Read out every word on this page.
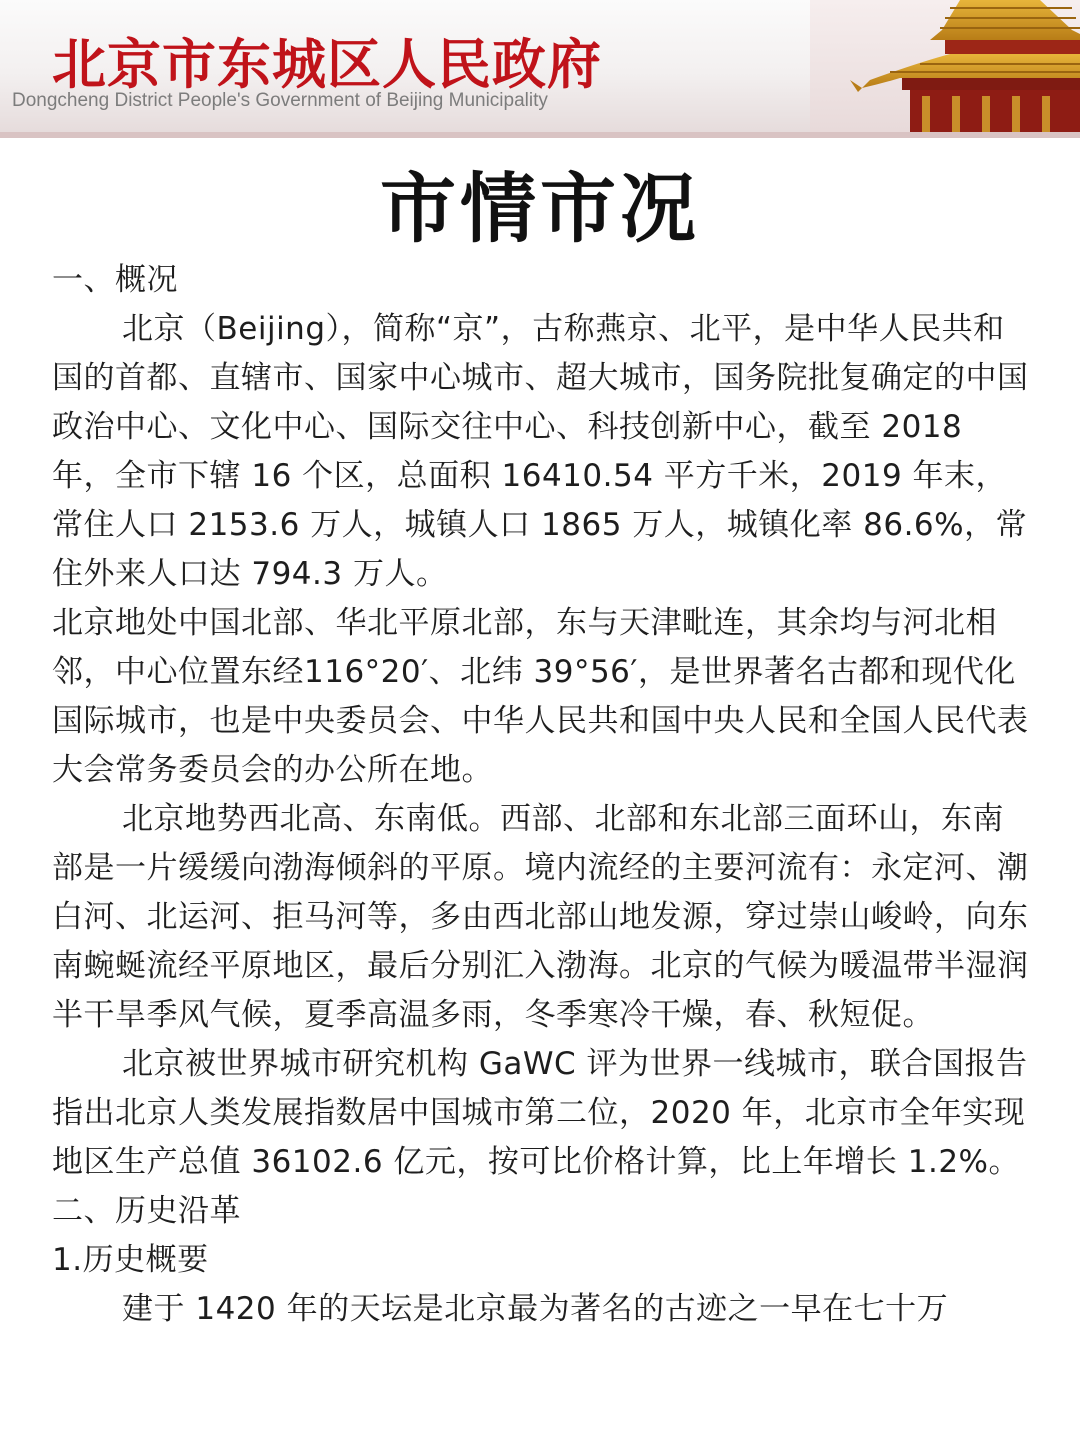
北京市东城区人民政府
Dongcheng District People's Government of Beijing Municipality
市情市况

一、概况

北京（Beijing），简称“京”，古称燕京、北平，是中华人民共和国的首都、直辖市、国家中心城市、超大城市，国务院批复确定的中国政治中心、文化中心、国际交往中心、科技创新中心，截至 2018 年，全市下辖 16 个区，总面积 16410.54 平方千米，2019 年末，常住人口 2153.6 万人，城镇人口 1865 万人，城镇化率 86.6%，常住外来人口达 794.3 万人。

北京地处中国北部、华北平原北部，东与天津毗连，其余均与河北相邻，中心位置东经116°20′、北纬 39°56′，是世界著名古都和现代化国际城市，也是中央委员会、中华人民共和国中央人民和全国人民代表大会常务委员会的办公所在地。

北京地势西北高、东南低。西部、北部和东北部三面环山，东南部是一片缓缓向渤海倾斜的平原。境内流经的主要河流有：永定河、潮白河、北运河、拒马河等，多由西北部山地发源，穿过崇山峻岭，向东南蜿蜒流经平原地区，最后分别汇入渤海。北京的气候为暖温带半湿润半干旱季风气候，夏季高温多雨，冬季寒冷干燥，春、秋短促。

北京被世界城市研究机构 GaWC 评为世界一线城市，联合国报告指出北京人类发展指数居中国城市第二位，2020 年，北京市全年实现地区生产总值 36102.6 亿元，按可比价格计算，比上年增长 1.2%。

二、历史沿革

1.历史概要

建于 1420 年的天坛是北京最为著名的古迹之一早在七十万
